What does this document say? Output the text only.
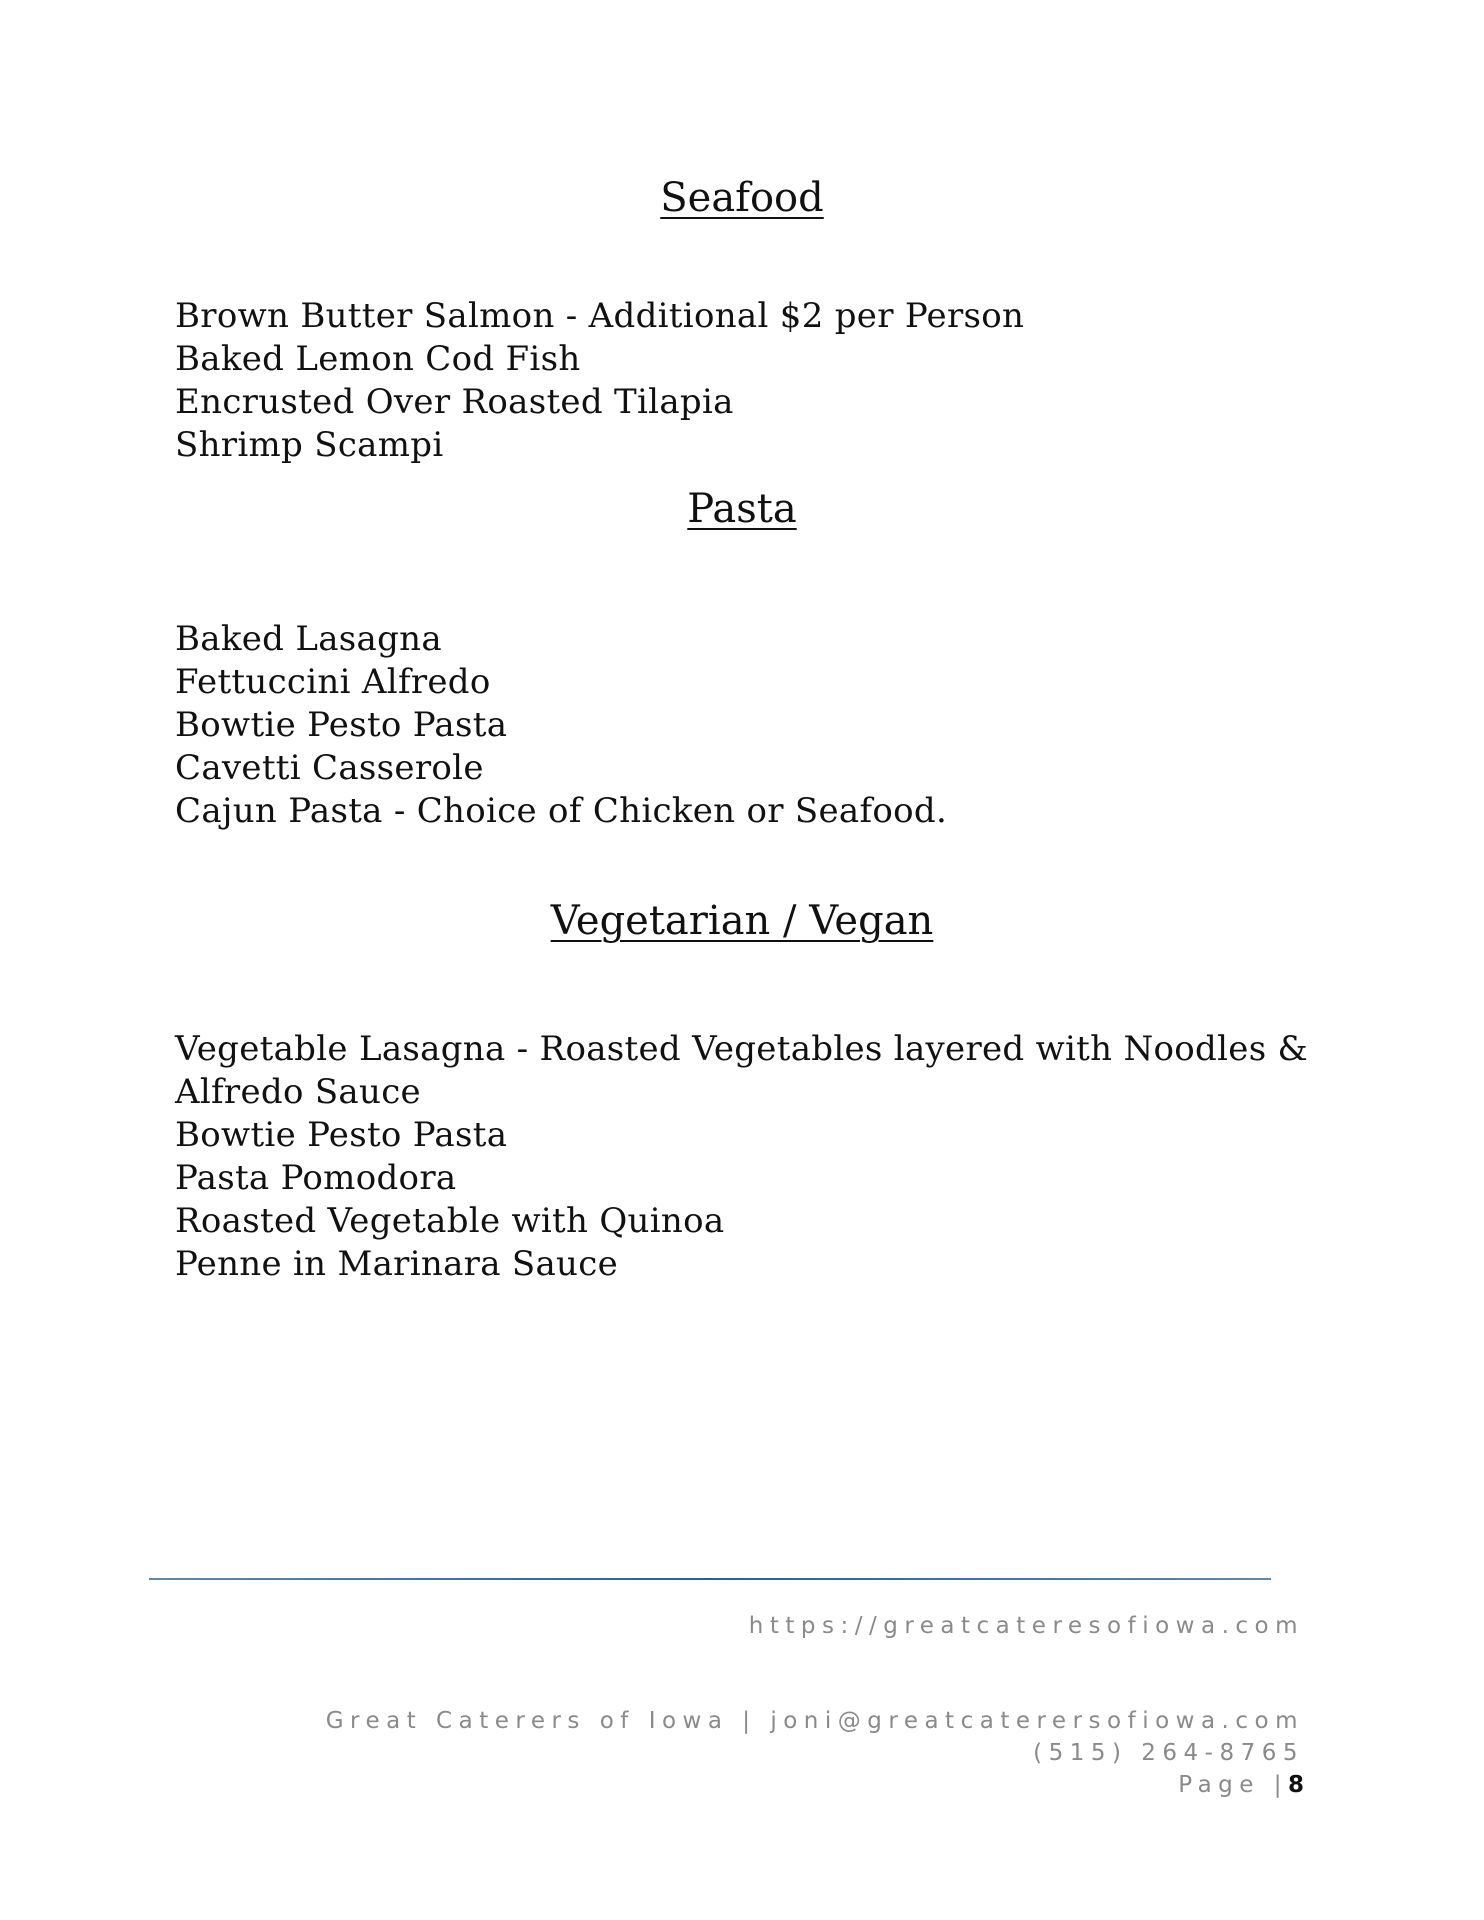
Seafood
Brown Butter Salmon - Additional $2 per Person
Baked Lemon Cod Fish
Encrusted Over Roasted Tilapia
Shrimp Scampi
Pasta
Baked Lasagna
Fettuccini Alfredo
Bowtie Pesto Pasta
Cavetti Casserole
Cajun Pasta - Choice of Chicken or Seafood.
Vegetarian / Vegan
Vegetable Lasagna - Roasted Vegetables layered with Noodles & Alfredo Sauce
Bowtie Pesto Pasta
Pasta Pomodora
Roasted Vegetable with Quinoa
Penne in Marinara Sauce
https://greatcateresofiowa.com
Great Caterers of Iowa | joni@greatcaterersofiowa.com
(515) 264-8765
Page |8
